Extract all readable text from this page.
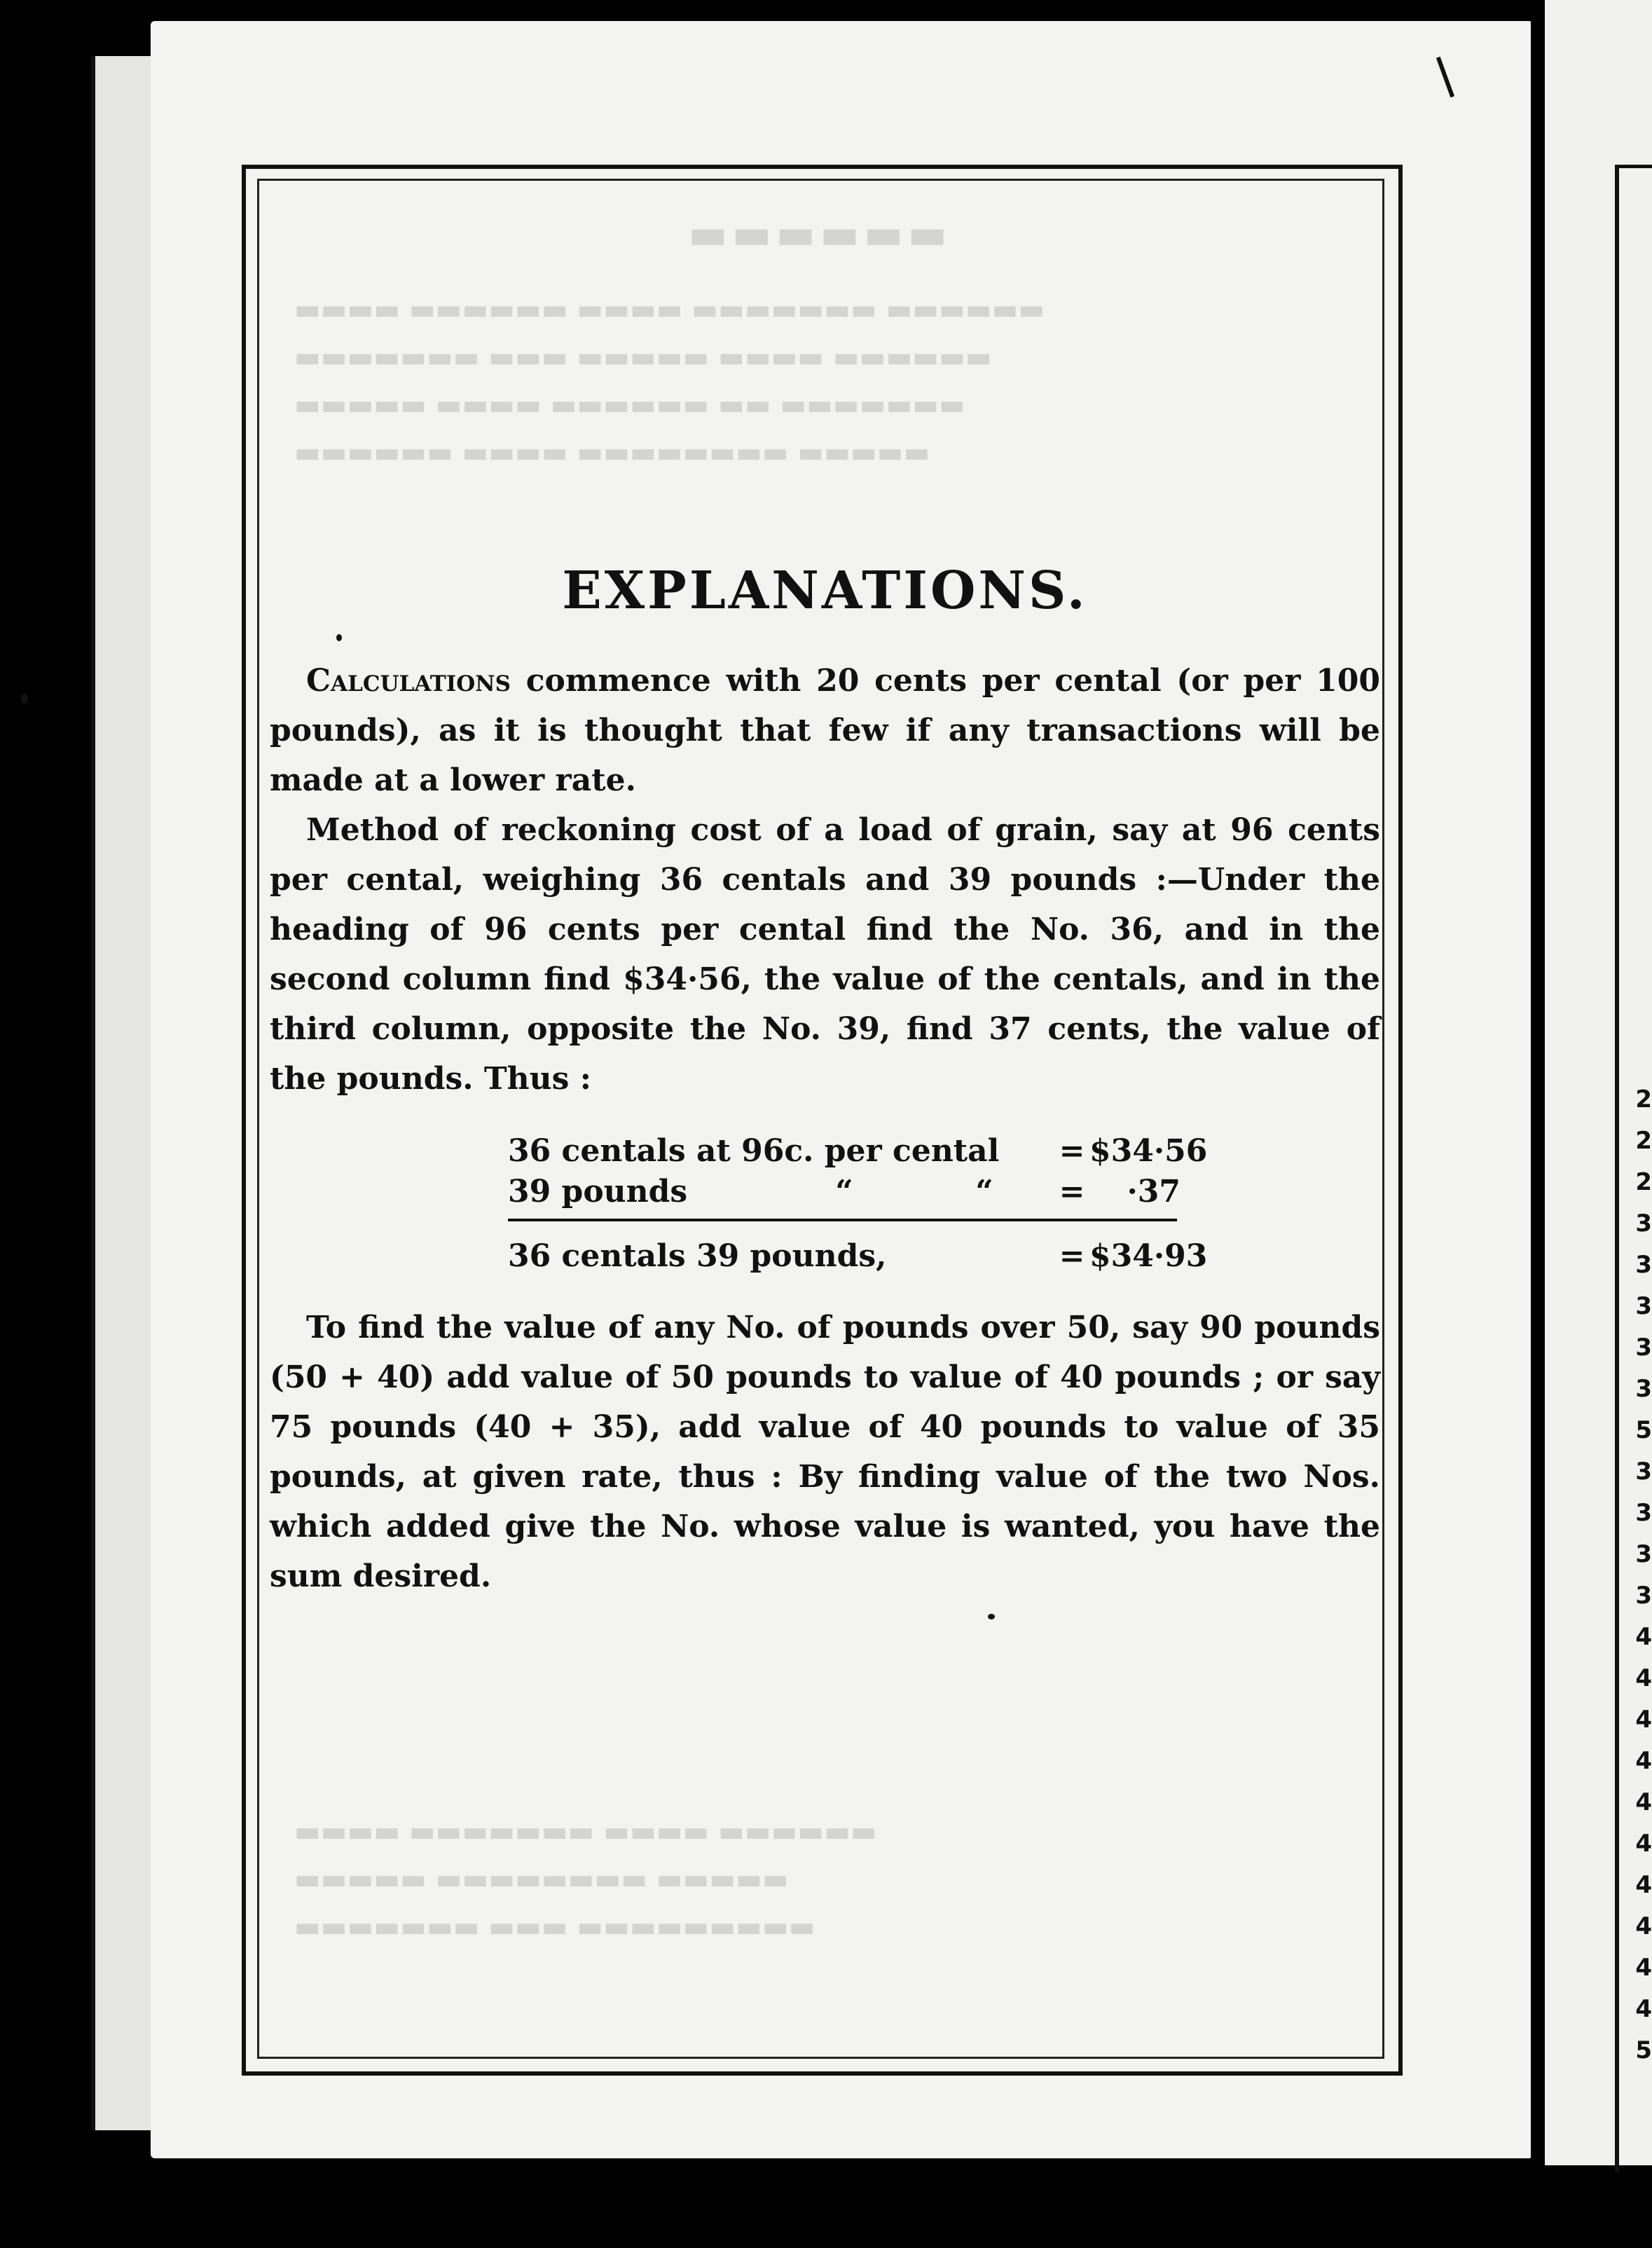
▬▬▬▬▬▬
▬▬▬▬ ▬▬▬▬▬▬ ▬▬▬▬ ▬▬▬▬▬▬▬ ▬▬▬▬▬▬
▬▬▬▬▬▬▬ ▬▬▬ ▬▬▬▬▬ ▬▬▬▬ ▬▬▬▬▬▬
▬▬▬▬▬ ▬▬▬▬ ▬▬▬▬▬▬ ▬▬ ▬▬▬▬▬▬▬
▬▬▬▬▬▬ ▬▬▬▬ ▬▬▬▬▬▬▬▬ ▬▬▬▬▬
▬▬▬▬ ▬▬▬▬▬▬▬ ▬▬▬▬ ▬▬▬▬▬▬
▬▬▬▬▬ ▬▬▬▬▬▬▬▬ ▬▬▬▬▬
▬▬▬▬▬▬▬ ▬▬▬ ▬▬▬▬▬▬▬▬▬
EXPLANATIONS.

Calculations commence with 20 cents per cental (or per 100 pounds), as it is thought that few if any transactions will be made at a lower rate.

Method of reckoning cost of a load of grain, say at 96 cents per cental, weighing 36 centals and 39 pounds :—Under the heading of 96 cents per cental find the No. 36, and in the second column find $34·56, the value of the centals, and in the third column, opposite the No. 39, find 37 cents, the value of the pounds. Thus :

36 centals at 96c. per cental	= $34·56
39 pounds	“	“	=	·37
36 centals 39 pounds,	= $34·93

To find the value of any No. of pounds over 50, say 90 pounds (50 + 40) add value of 50 pounds to value of 40 pounds ; or say 75 pounds (40 + 35), add value of 40 pounds to value of 35 pounds, at given rate, thus : By finding value of the two Nos. which added give the No. whose value is wanted, you have the sum desired.

2
2
2
3
3
3
3
3
5
3
3
3
3
4
4
4
4
4
4
4
4
4
4
5
